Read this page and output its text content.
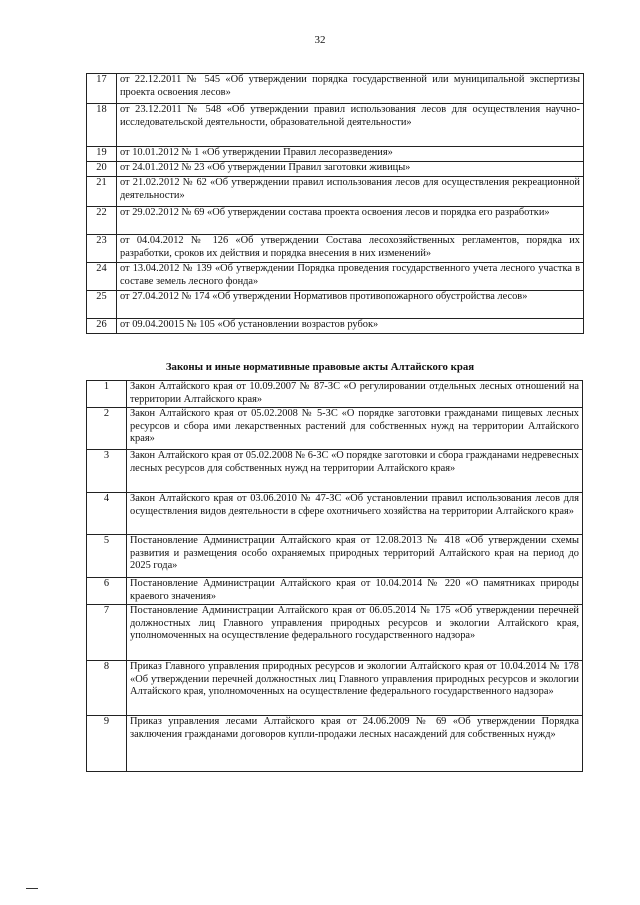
32
17	от 22.12.2011 № 545 «Об утверждении порядка государственной или муниципальной экспертизы проекта освоения лесов»
18	от 23.12.2011 № 548 «Об утверждении правил использования лесов для осуществления научно-исследовательской деятельности, образовательной деятельности»
19	от 10.01.2012 № 1 «Об утверждении Правил лесоразведения»
20	от 24.01.2012 № 23 «Об утверждении Правил заготовки живицы»
21	от 21.02.2012 № 62 «Об утверждении правил использования лесов для осуществления рекреационной деятельности»
22	от 29.02.2012 № 69 «Об утверждении состава проекта освоения лесов и порядка его разработки»
23	от 04.04.2012 № 126 «Об утверждении Состава лесохозяйственных регламентов, порядка их разработки, сроков их действия и порядка внесения в них изменений»
24	от 13.04.2012 № 139 «Об утверждении Порядка проведения государственного учета лесного участка в составе земель лесного фонда»
25	от 27.04.2012 № 174 «Об утверждении Нормативов противопожарного обустройства лесов»
26	от 09.04.20015 № 105 «Об установлении возрастов рубок»
Законы и иные нормативные правовые акты Алтайского края
1	Закон Алтайского края от 10.09.2007 № 87-ЗС «О регулировании отдельных лесных отношений на территории Алтайского края»
2	Закон Алтайского края от 05.02.2008 № 5-ЗС «О порядке заготовки гражданами пищевых лесных ресурсов и сбора ими лекарственных растений для собственных нужд на территории Алтайского края»
3	Закон Алтайского края от 05.02.2008 № 6-ЗС «О порядке заготовки и сбора гражданами недревесных лесных ресурсов для собственных нужд на территории Алтайского края»
4	Закон Алтайского края от 03.06.2010 № 47-ЗС «Об установлении правил использования лесов для осуществления видов деятельности в сфере охотничьего хозяйства на территории Алтайского края»
5	Постановление Администрации Алтайского края от 12.08.2013 № 418 «Об утверждении схемы развития и размещения особо охраняемых природных территорий Алтайского края на период до 2025 года»
6	Постановление Администрации Алтайского края от 10.04.2014 № 220 «О памятниках природы краевого значения»
7	Постановление Администрации Алтайского края от 06.05.2014 № 175 «Об утверждении перечней должностных лиц Главного управления природных ресурсов и экологии Алтайского края, уполномоченных на осуществление федерального государственного надзора»
8	Приказ Главного управления природных ресурсов и экологии Алтайского края от 10.04.2014 № 178 «Об утверждении перечней должностных лиц Главного управления природных ресурсов и экологии Алтайского края, уполномоченных на осуществление федерального государственного надзора»
9	Приказ управления лесами Алтайского края от 24.06.2009 № 69 «Об утверждении Порядка заключения гражданами договоров купли-продажи лесных насаждений для собственных нужд»
